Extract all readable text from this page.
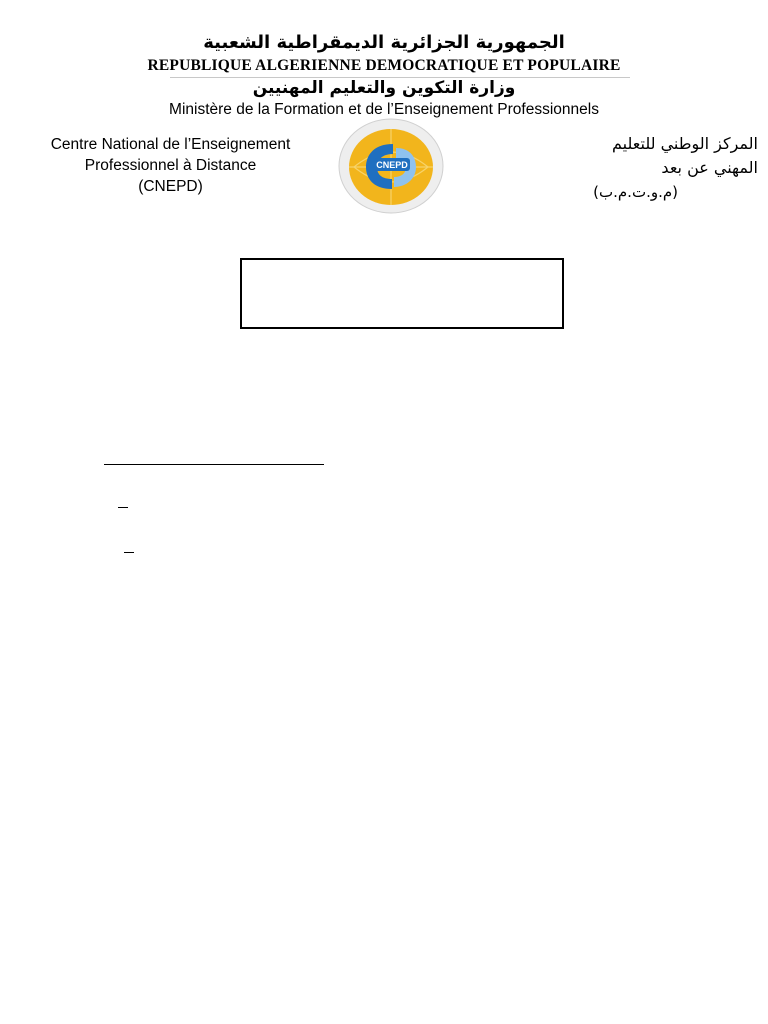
الجمهورية الجزائرية الديمقراطية الشعبية
REPUBLIQUE ALGERIENNE DEMOCRATIQUE ET POPULAIRE
وزارة التكوين والتعليم المهنيين
Ministère de la Formation et de l’Enseignement Professionnels
Centre National de l’Enseignement
Professionnel à Distance
(CNEPD)
CNEPD
المركز الوطني للتعليم
المهني عن بعد
(م.و.ت.م.ب)
